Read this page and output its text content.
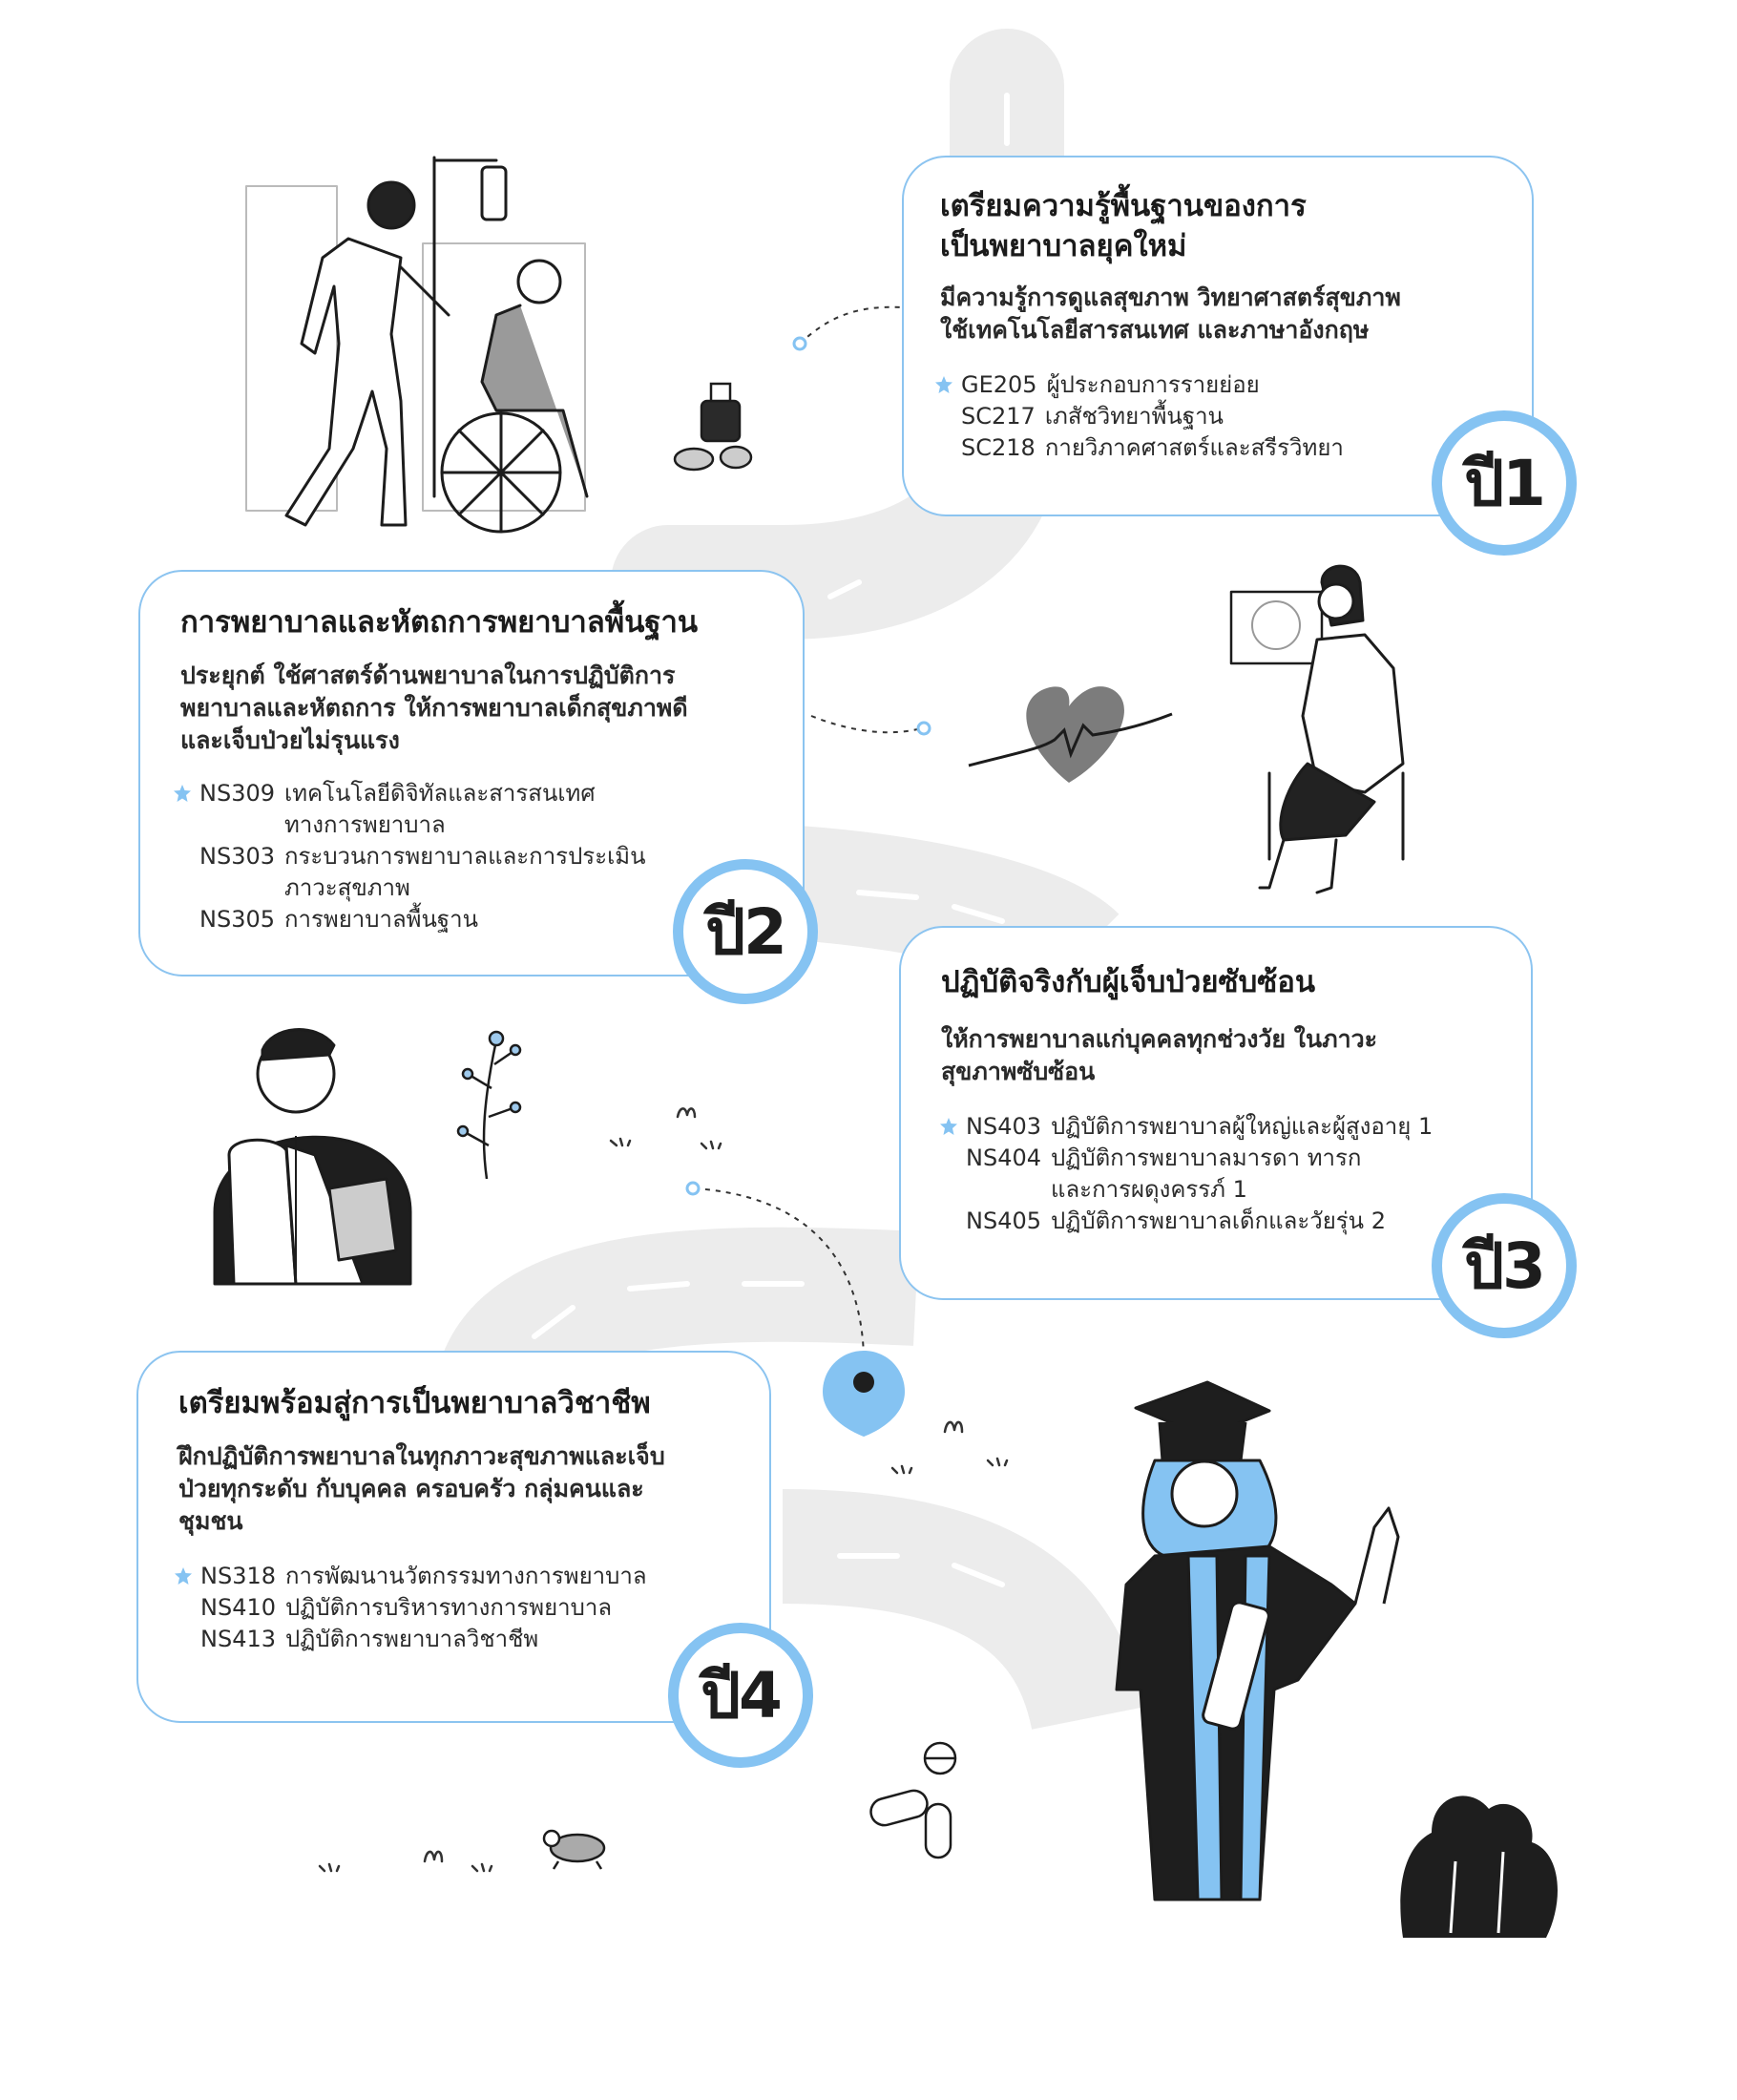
เตรียมความรู้พื้นฐานของการ
เป็นพยาบาลยุคใหม่
มีความรู้การดูแลสุขภาพ วิทยาศาสตร์สุขภาพ
ใช้เทคโนโลยีสารสนเทศ และภาษาอังกฤษ
GE205 ผู้ประกอบการรายย่อย
SC217 เภสัชวิทยาพื้นฐาน
SC218 กายวิภาคศาสตร์และสรีรวิทยา	ปี1
การพยาบาลและหัตถการพยาบาลพื้นฐาน
ประยุกต์ ใช้ศาสตร์ด้านพยาบาลในการปฏิบัติการ
พยาบาลและหัตถการ ให้การพยาบาลเด็กสุขภาพดี
และเจ็บป่วยไม่รุนแรง
NS309 เทคโนโลยีดิจิทัลและสารสนเทศ
ทางการพยาบาล
NS303 กระบวนการพยาบาลและการประเมิน
ภาวะสุขภาพ
NS305 การพยาบาลพื้นฐาน	ปี2
ปฏิบัติจริงกับผู้เจ็บป่วยซับซ้อน
ให้การพยาบาลแก่บุคคลทุกช่วงวัย ในภาวะ
สุขภาพซับซ้อน
NS403 ปฏิบัติการพยาบาลผู้ใหญ่และผู้สูงอายุ 1
NS404 ปฏิบัติการพยาบาลมารดา ทารก
และการผดุงครรภ์ 1
NS405 ปฏิบัติการพยาบาลเด็กและวัยรุ่น 2
ปี3
เตรียมพร้อมสู่การเป็นพยาบาลวิชาชีพ
ฝึกปฏิบัติการพยาบาลในทุกภาวะสุขภาพและเจ็บ
ป่วยทุกระดับ กับบุคคล ครอบครัว กลุ่มคนและ
ชุมชน
NS318 การพัฒนานวัตกรรมทางการพยาบาล
NS410 ปฏิบัติการบริหารทางการพยาบาล
NS413 ปฏิบัติการพยาบาลวิชาชีพ
ปี4
